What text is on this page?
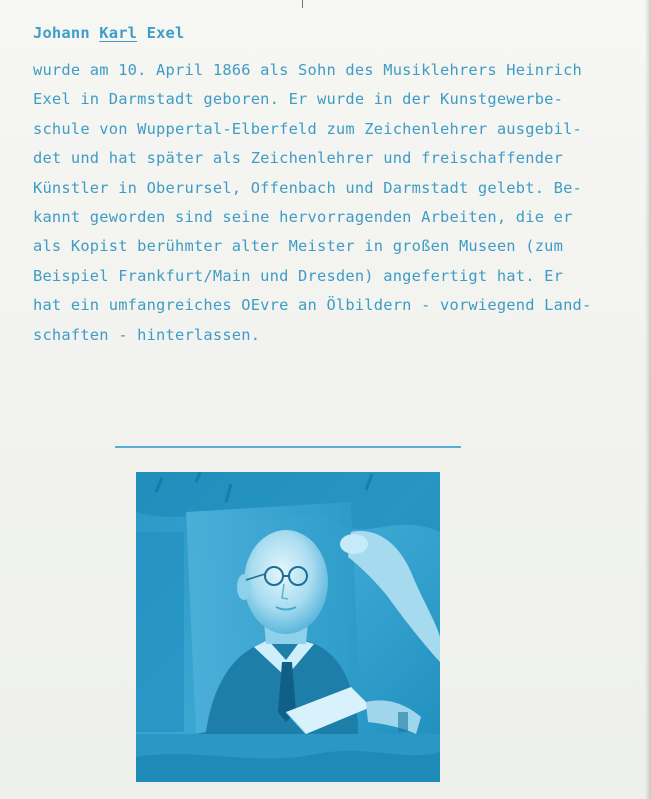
Johann Karl Exel
wurde am 10. April 1866 als Sohn des Musiklehrers Heinrich
Exel in Darmstadt geboren. Er wurde in der Kunstgewerbe-
schule von Wuppertal-Elberfeld zum Zeichenlehrer ausgebil-
det und hat später als Zeichenlehrer und freischaffender
Künstler in Oberursel, Offenbach und Darmstadt gelebt. Be-
kannt geworden sind seine hervorragenden Arbeiten, die er
als Kopist berühmter alter Meister in großen Museen (zum
Beispiel Frankfurt/Main und Dresden) angefertigt hat. Er
hat ein umfangreiches OEvre an Ölbildern - vorwiegend Land-
schaften - hinterlassen.
